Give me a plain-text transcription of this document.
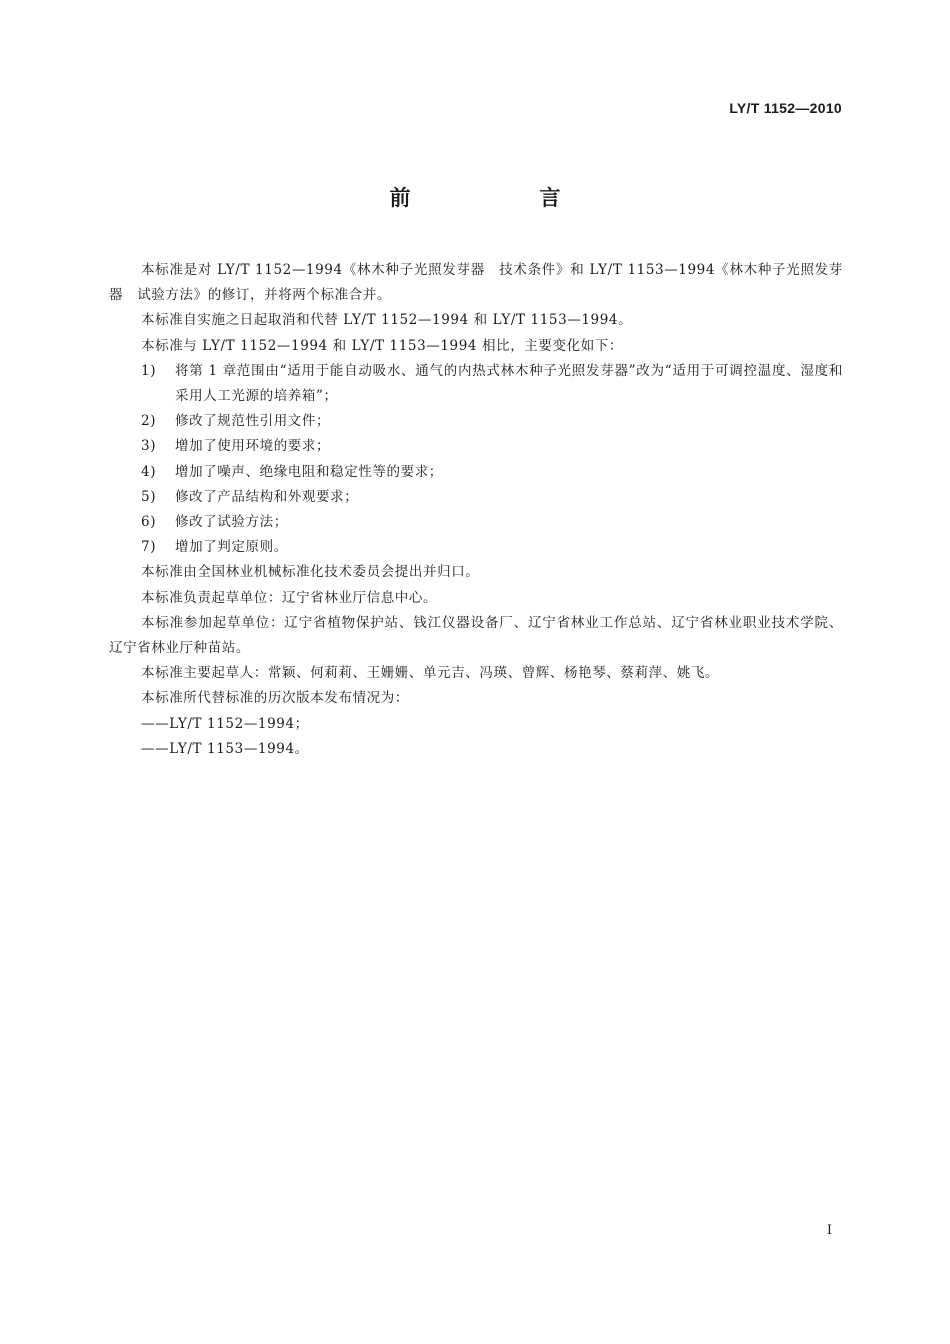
LY/T 1152—2010
前　言

本标准是对 LY/T 1152—1994《林木种子光照发芽器　技术条件》和 LY/T 1153—1994《林木种子光照发芽器　试验方法》的修订，并将两个标准合并。

本标准自实施之日起取消和代替 LY/T 1152—1994 和 LY/T 1153—1994。

本标准与 LY/T 1152—1994 和 LY/T 1153—1994 相比，主要变化如下：

1)	将第 1 章范围由“适用于能自动吸水、通气的内热式林木种子光照发芽器”改为“适用于可调控温度、湿度和采用人工光源的培养箱”；
2)	修改了规范性引用文件；
3)	增加了使用环境的要求；
4)	增加了噪声、绝缘电阻和稳定性等的要求；
5)	修改了产品结构和外观要求；
6)	修改了试验方法；
7)	增加了判定原则。

本标准由全国林业机械标准化技术委员会提出并归口。

本标准负责起草单位：辽宁省林业厅信息中心。

本标准参加起草单位：辽宁省植物保护站、钱江仪器设备厂、辽宁省林业工作总站、辽宁省林业职业技术学院、辽宁省林业厅种苗站。

本标准主要起草人：常颖、何莉莉、王姗姗、单元吉、冯瑛、曾辉、杨艳琴、蔡莉萍、姚飞。

本标准所代替标准的历次版本发布情况为：

——LY/T 1152—1994；

——LY/T 1153—1994。

I
